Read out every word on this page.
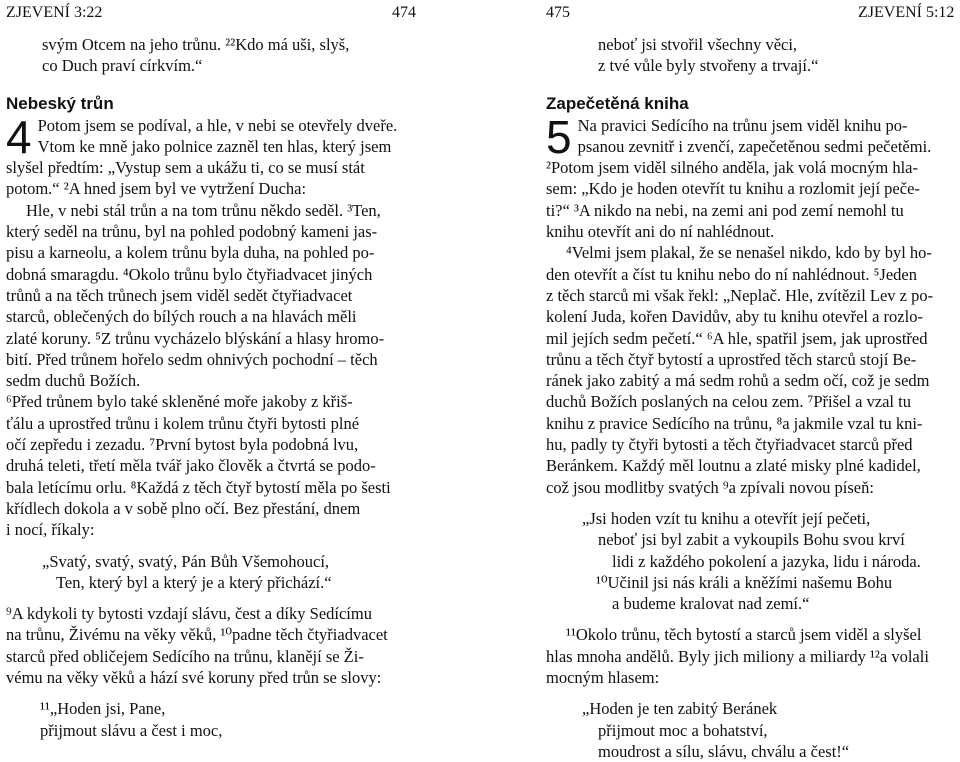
ZJEVENÍ 3:22	474
svým Otcem na jeho trůnu. ²²Kdo má uši, slyš,
co Duch praví církvím.“
Nebeský trůn
4 Potom jsem se podíval, a hle, v nebi se otevřely dveře.
Vtom ke mně jako polnice zazněl ten hlas, který jsem
slyšel předtím: „Vystup sem a ukážu ti, co se musí stát
potom.“ ²A hned jsem byl ve vytržení Ducha:
Hle, v nebi stál trůn a na tom trůnu někdo seděl. ³Ten,
který seděl na trůnu, byl na pohled podobný kameni jas-
pisu a karneolu, a kolem trůnu byla duha, na pohled po-
dobná smaragdu. ⁴Okolo trůnu bylo čtyřiadvacet jiných
trůnů a na těch trůnech jsem viděl sedět čtyřiadvacet
starců, oblečených do bílých rouch a na hlavách měli
zlaté koruny. ⁵Z trůnu vycházelo blýskání a hlasy hromo-
bití. Před trůnem hořelo sedm ohnivých pochodní – těch
sedm duchů Božích.
⁶Před trůnem bylo také skleněné moře jakoby z křiš-
ťálu a uprostřed trůnu i kolem trůnu čtyři bytosti plné
očí zepředu i zezadu. ⁷První bytost byla podobná lvu,
druhá teleti, třetí měla tvář jako člověk a čtvrtá se podo-
bala letícímu orlu. ⁸Každá z těch čtyř bytostí měla po šesti
křídlech dokola a v sobě plno očí. Bez přestání, dnem
i nocí, říkaly:
„Svatý, svatý, svatý, Pán Bůh Všemohoucí,
Ten, který byl a který je a který přichází.“
⁹A kdykoli ty bytosti vzdají slávu, čest a díky Sedícímu
na trůnu, Živému na věky věků, ¹⁰padne těch čtyřiadvacet
starců před obličejem Sedícího na trůnu, klanějí se Ži-
vému na věky věků a hází své koruny před trůn se slovy:
¹¹„Hoden jsi, Pane,
přijmout slávu a čest i moc,
475	ZJEVENÍ 5:12
neboť jsi stvořil všechny věci,
z tvé vůle byly stvořeny a trvají.“
Zapečetěná kniha
5 Na pravici Sedícího na trůnu jsem viděl knihu po-
psanou zevnitř i zvenčí, zapečetěnou sedmi pečetěmi.
²Potom jsem viděl silného anděla, jak volá mocným hla-
sem: „Kdo je hoden otevřít tu knihu a rozlomit její peče-
ti?“ ³A nikdo na nebi, na zemi ani pod zemí nemohl tu
knihu otevřít ani do ní nahlédnout.
⁴Velmi jsem plakal, že se nenašel nikdo, kdo by byl ho-
den otevřít a číst tu knihu nebo do ní nahlédnout. ⁵Jeden
z těch starců mi však řekl: „Neplač. Hle, zvítězil Lev z po-
kolení Juda, kořen Davidův, aby tu knihu otevřel a rozlo-
mil jejích sedm pečetí.“ ⁶A hle, spatřil jsem, jak uprostřed
trůnu a těch čtyř bytostí a uprostřed těch starců stojí Be-
ránek jako zabitý a má sedm rohů a sedm očí, což je sedm
duchů Božích poslaných na celou zem. ⁷Přišel a vzal tu
knihu z pravice Sedícího na trůnu, ⁸a jakmile vzal tu kni-
hu, padly ty čtyři bytosti a těch čtyřiadvacet starců před
Beránkem. Každý měl loutnu a zlaté misky plné kadidel,
což jsou modlitby svatých ⁹a zpívali novou píseň:
„Jsi hoden vzít tu knihu a otevřít její pečeti,
neboť jsi byl zabit a vykoupils Bohu svou krví
lidi z každého pokolení a jazyka, lidu i národa.
¹⁰Učinil jsi nás králi a kněžími našemu Bohu
a budeme kralovat nad zemí.“
¹¹Okolo trůnu, těch bytostí a starců jsem viděl a slyšel
hlas mnoha andělů. Byly jich miliony a miliardy ¹²a volali
mocným hlasem:
„Hoden je ten zabitý Beránek
přijmout moc a bohatství,
moudrost a sílu, slávu, chválu a čest!“
